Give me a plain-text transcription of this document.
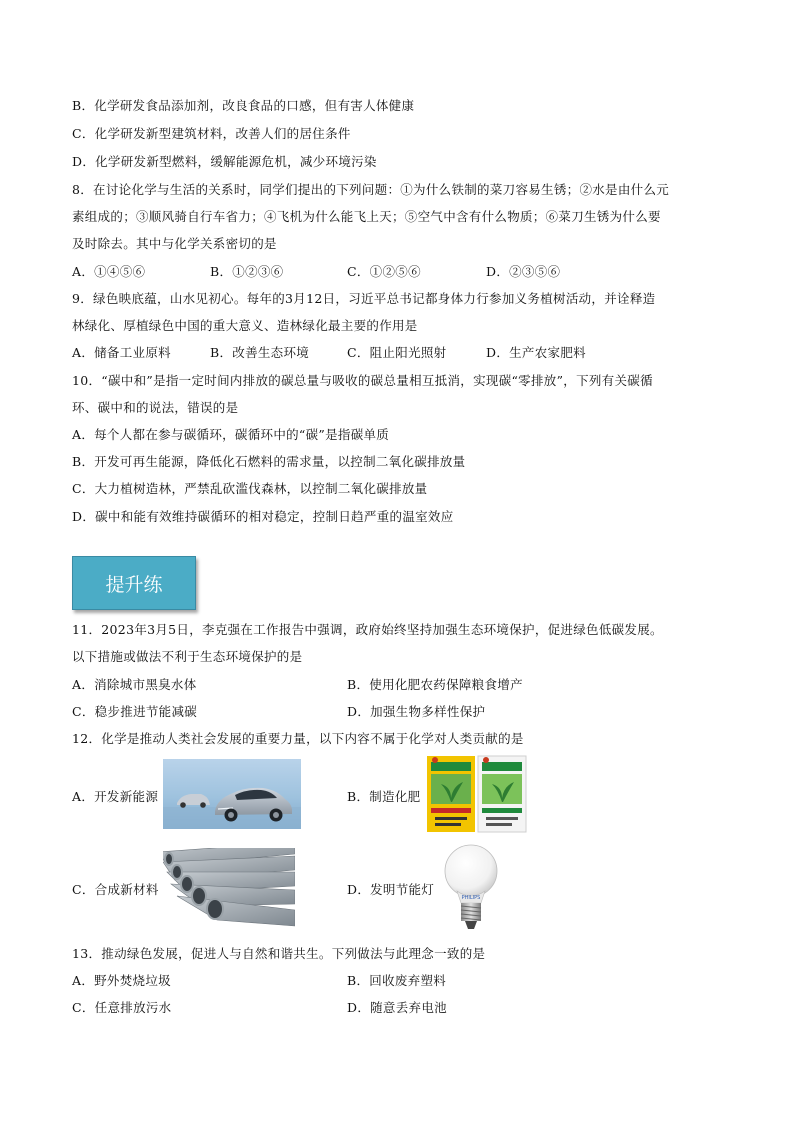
B．化学研发食品添加剂，改良食品的口感，但有害人体健康
C．化学研发新型建筑材料，改善人们的居住条件
D．化学研发新型燃料，缓解能源危机，减少环境污染
8．在讨论化学与生活的关系时，同学们提出的下列问题：①为什么铁制的菜刀容易生锈；②水是由什么元
素组成的；③顺风骑自行车省力；④飞机为什么能飞上天；⑤空气中含有什么物质；⑥菜刀生锈为什么要
及时除去。其中与化学关系密切的是
A．①④⑤⑥	B．①②③⑥	C．①②⑤⑥	D．②③⑤⑥
9．绿色映底蕴，山水见初心。每年的3月12日，习近平总书记都身体力行参加义务植树活动，并诠释造
林绿化、厚植绿色中国的重大意义、造林绿化最主要的作用是
A．储备工业原料	B．改善生态环境	C．阻止阳光照射	D．生产农家肥料
10．“碳中和”是指一定时间内排放的碳总量与吸收的碳总量相互抵消，实现碳“零排放”，下列有关碳循
环、碳中和的说法，错误的是
A．每个人都在参与碳循环，碳循环中的“碳”是指碳单质
B．开发可再生能源，降低化石燃料的需求量，以控制二氧化碳排放量
C．大力植树造林，严禁乱砍滥伐森林，以控制二氧化碳排放量
D．碳中和能有效维持碳循环的相对稳定，控制日趋严重的温室效应
提升练
11．2023年3月5日，李克强在工作报告中强调，政府始终坚持加强生态环境保护，促进绿色低碳发展。
以下措施或做法不利于生态环境保护的是
A．消除城市黑臭水体	B．使用化肥农药保障粮食增产
C．稳步推进节能减碳	D．加强生物多样性保护
12．化学是推动人类社会发展的重要力量，以下内容不属于化学对人类贡献的是
A．开发新能源	B．制造化肥
C．合成新材料	D．发明节能灯
PHILIPS
13．推动绿色发展，促进人与自然和谐共生。下列做法与此理念一致的是
A．野外焚烧垃圾	B．回收废弃塑料
C．任意排放污水	D．随意丢弃电池
